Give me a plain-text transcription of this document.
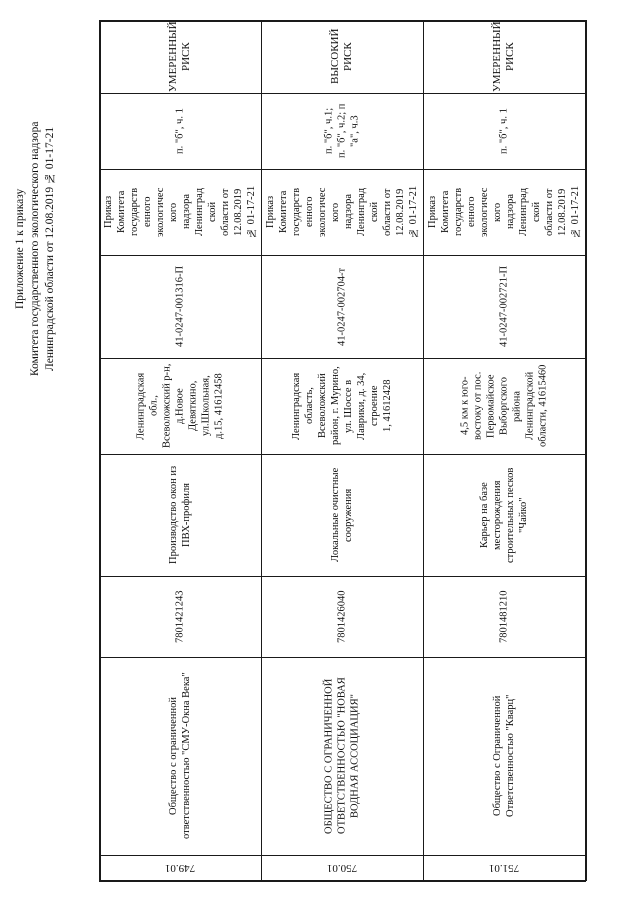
Приложение 1 к приказу Комитета государственного экологического надзора Ленинградской области от 12.08.2019 № 01-17-21
УМЕРЕННЫЙ
РИСК
п. "б", ч. 1
Приказ
Комитета
государств
енного
экологичес
кого
надзора
Ленинград
ской
области от
12.08.2019
№ 01-17-21
41-0247-001316-П
Ленинградская
обл.,
Всеволожский р-н,
д.Новое
Девяткино,
ул.Школьная,
д.15, 41612458
Производство окон из
ПВХ-профиля
7801421243
Общество с ограниченной
ответственностью "СМУ-Окна Века"
749.01
ВЫСОКИЙ
РИСК
п. "б", ч.1;
п. "б", ч.2; п
"а", ч.3
Приказ
Комитета
государств
енного
экологичес
кого
надзора
Ленинград
ской
области от
12.08.2019
№ 01-17-21
41-0247-002704-т
Ленинградская
область,
Всеволожский
район, г. Мурино,
ул. Шоссе в
Лаврики, д. 34,
строение
1, 41612428
Локальные очистные
сооружения
7801426040
ОБЩЕСТВО С ОГРАНИЧЕННОЙ
ОТВЕТСТВЕННОСТЬЮ "НОВАЯ
ВОДНАЯ АССОЦИАЦИЯ"
750.01
УМЕРЕННЫЙ
РИСК
п. "б", ч. 1
Приказ
Комитета
государств
енного
экологичес
кого
надзора
Ленинград
ской
области от
12.08.2019
№ 01-17-21
41-0247-002721-П
4,5 км к юго-
востоку от пос.
Первомайское
Выборгского
района
Ленинградской
области, 41615460
Карьер на базе
месторождения
строительных песков
"Чайко"
7801481210
Общество с Ограниченной
Ответственностью "Кварц"
751.01
